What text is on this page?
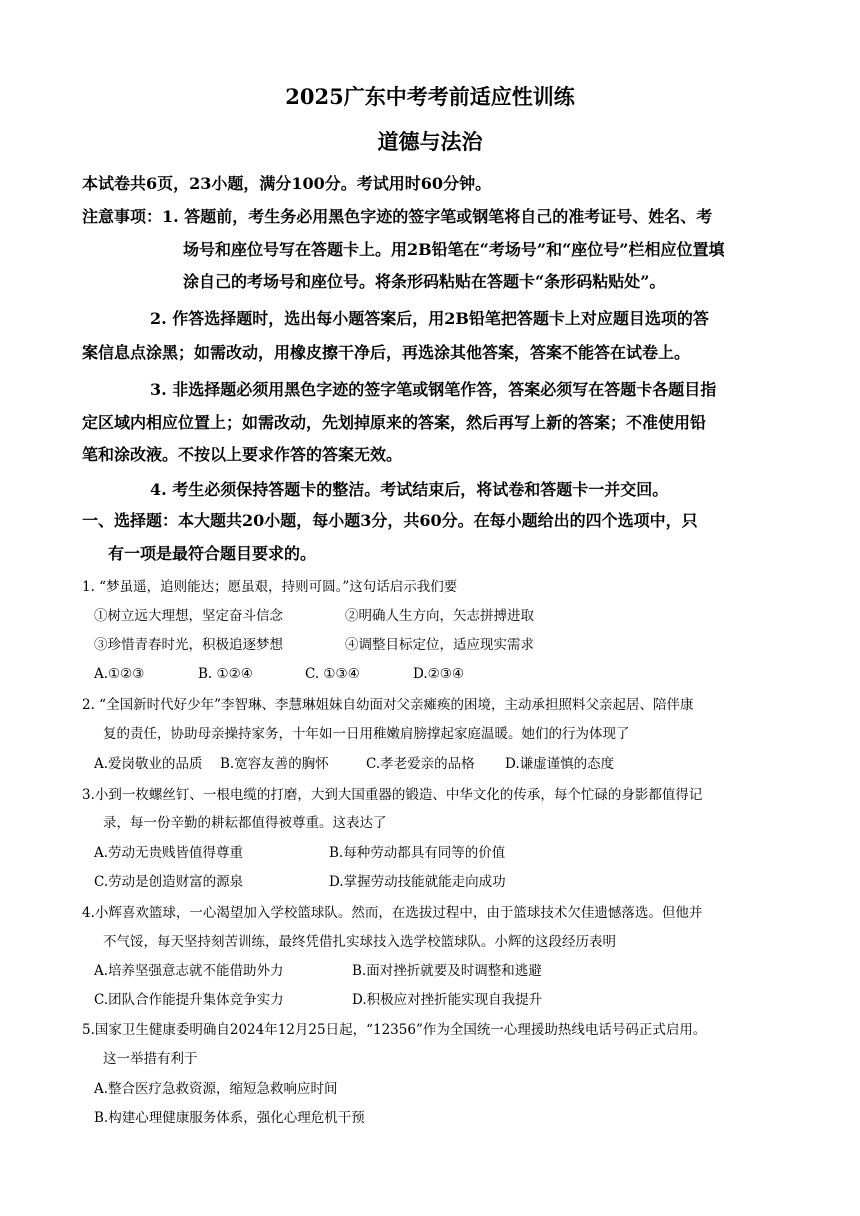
2025广东中考考前适应性训练
道德与法治
本试卷共6页，23小题，满分100分。考试用时60分钟。
注意事项：1. 答题前，考生务必用黑色字迹的签字笔或钢笔将自己的准考证号、姓名、考
场号和座位号写在答题卡上。用2B铅笔在“考场号”和“座位号”栏相应位置填
涂自己的考场号和座位号。将条形码粘贴在答题卡“条形码粘贴处”。
2. 作答选择题时，选出每小题答案后，用2B铅笔把答题卡上对应题目选项的答
案信息点涂黑；如需改动，用橡皮擦干净后，再选涂其他答案，答案不能答在试卷上。
3. 非选择题必须用黑色字迹的签字笔或钢笔作答，答案必须写在答题卡各题目指
定区域内相应位置上；如需改动，先划掉原来的答案，然后再写上新的答案；不准使用铅
笔和涂改液。不按以上要求作答的答案无效。
4. 考生必须保持答题卡的整洁。考试结束后，将试卷和答题卡一并交回。
一、选择题：本大题共20小题，每小题3分，共60分。在每小题给出的四个选项中，只
有一项是最符合题目要求的。
1. “梦虽遥，追则能达；愿虽艰，持则可圆。”这句话启示我们要
①树立远大理想，坚定奋斗信念	②明确人生方向，矢志拼搏进取
③珍惜青春时光，积极追逐梦想	④调整目标定位，适应现实需求
A.①②③	B. ①②④	C. ①③④	D.②③④
2. “全国新时代好少年”李智琳、李慧琳姐妹自幼面对父亲瘫痪的困境，主动承担照料父亲起居、陪伴康
复的责任，协助母亲操持家务，十年如一日用稚嫩肩膀撑起家庭温暖。她们的行为体现了
A.爱岗敬业的品质 B.宽容友善的胸怀	C.孝老爱亲的品格 D.谦虚谨慎的态度
3.小到一枚螺丝钉、一根电缆的打磨，大到大国重器的锻造、中华文化的传承，每个忙碌的身影都值得记
录，每一份辛勤的耕耘都值得被尊重。这表达了
A.劳动无贵贱皆值得尊重	B.每种劳动都具有同等的价值
C.劳动是创造财富的源泉	D.掌握劳动技能就能走向成功
4.小辉喜欢篮球，一心渴望加入学校篮球队。然而，在选拔过程中，由于篮球技术欠佳遗憾落选。但他并
不气馁，每天坚持刻苦训练，最终凭借扎实球技入选学校篮球队。小辉的这段经历表明
A.培养坚强意志就不能借助外力	B.面对挫折就要及时调整和逃避
C.团队合作能提升集体竞争实力	D.积极应对挫折能实现自我提升
5.国家卫生健康委明确自2024年12月25日起，“12356”作为全国统一心理援助热线电话号码正式启用。
这一举措有利于
A.整合医疗急救资源，缩短急救响应时间
B.构建心理健康服务体系，强化心理危机干预
